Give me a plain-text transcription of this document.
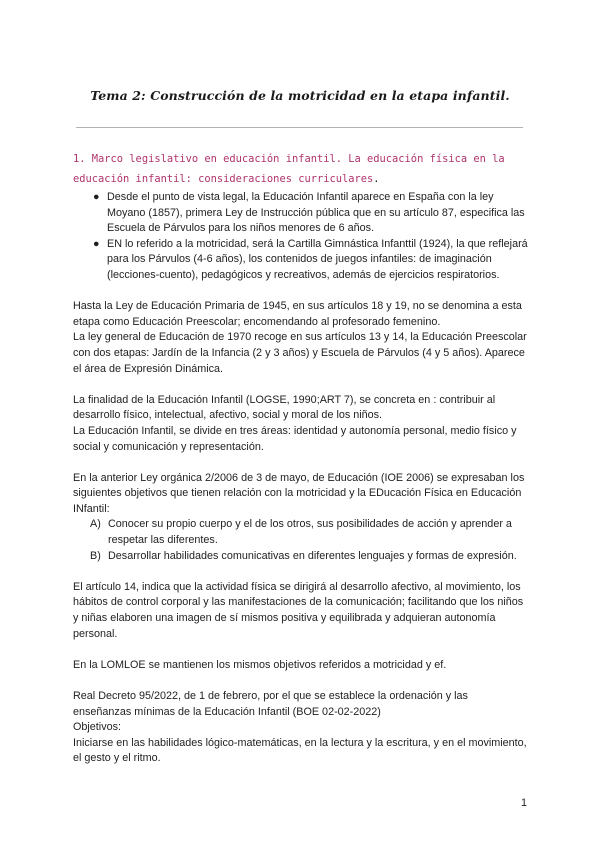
Tema 2: Construcción de la motricidad en la etapa infantil.
1. Marco legislativo en educación infantil. La educación física en la
educación infantil: consideraciones curriculares.
● Desde el punto de vista legal, la Educación Infantil aparece en España con la ley Moyano (1857), primera Ley de Instrucción pública que en su artículo 87, especifica las Escuela de Párvulos para los niños menores de 6 años.
● EN lo referido a la motricidad, será la Cartilla Gimnástica Infanttil (1924), la que reflejará para los Párvulos (4-6 años), los contenidos de juegos infantiles: de imaginación (lecciones-cuento), pedagógicos y recreativos, además de ejercicios respiratorios.

Hasta la Ley de Educación Primaria de 1945, en sus artículos 18 y 19, no se denomina a esta etapa como Educación Preescolar; encomendando al profesorado femenino.

La ley general de Educación de 1970 recoge en sus artículos 13 y 14, la Educación Preescolar con dos etapas: Jardín de la Infancia (2 y 3 años) y Escuela de Párvulos (4 y 5 años). Aparece el área de Expresión Dinámica.

La finalidad de la Educación Infantil (LOGSE, 1990;ART 7), se concreta en : contribuir al desarrollo físico, intelectual, afectivo, social y moral de los niños.

La Educación Infantil, se divide en tres áreas: identidad y autonomía personal, medio físico y social y comunicación y representación.

En la anterior Ley orgánica 2/2006 de 3 de mayo, de Educación (IOE 2006) se expresaban los siguientes objetivos que tienen relación con la motricidad y la EDucación Física en Educación INfantil:

A) Conocer su propio cuerpo y el de los otros, sus posibilidades de acción y aprender a respetar las diferentes.
B) Desarrollar habilidades comunicativas en diferentes lenguajes y formas de expresión.

El artículo 14, indica que la actividad física se dirigirá al desarrollo afectivo, al movimiento, los hábitos de control corporal y las manifestaciones de la comunicación; facilitando que los niños y niñas elaboren una imagen de sí mismos positiva y equilibrada y adquieran autonomía personal.

En la LOMLOE se mantienen los mismos objetivos referidos a motricidad y ef.

Real Decreto 95/2022, de 1 de febrero, por el que se establece la ordenación y las enseñanzas mínimas de la Educación Infantil (BOE 02-02-2022)

Objetivos:

Iniciarse en las habilidades lógico-matemáticas, en la lectura y la escritura, y en el movimiento, el gesto y el ritmo.

1
